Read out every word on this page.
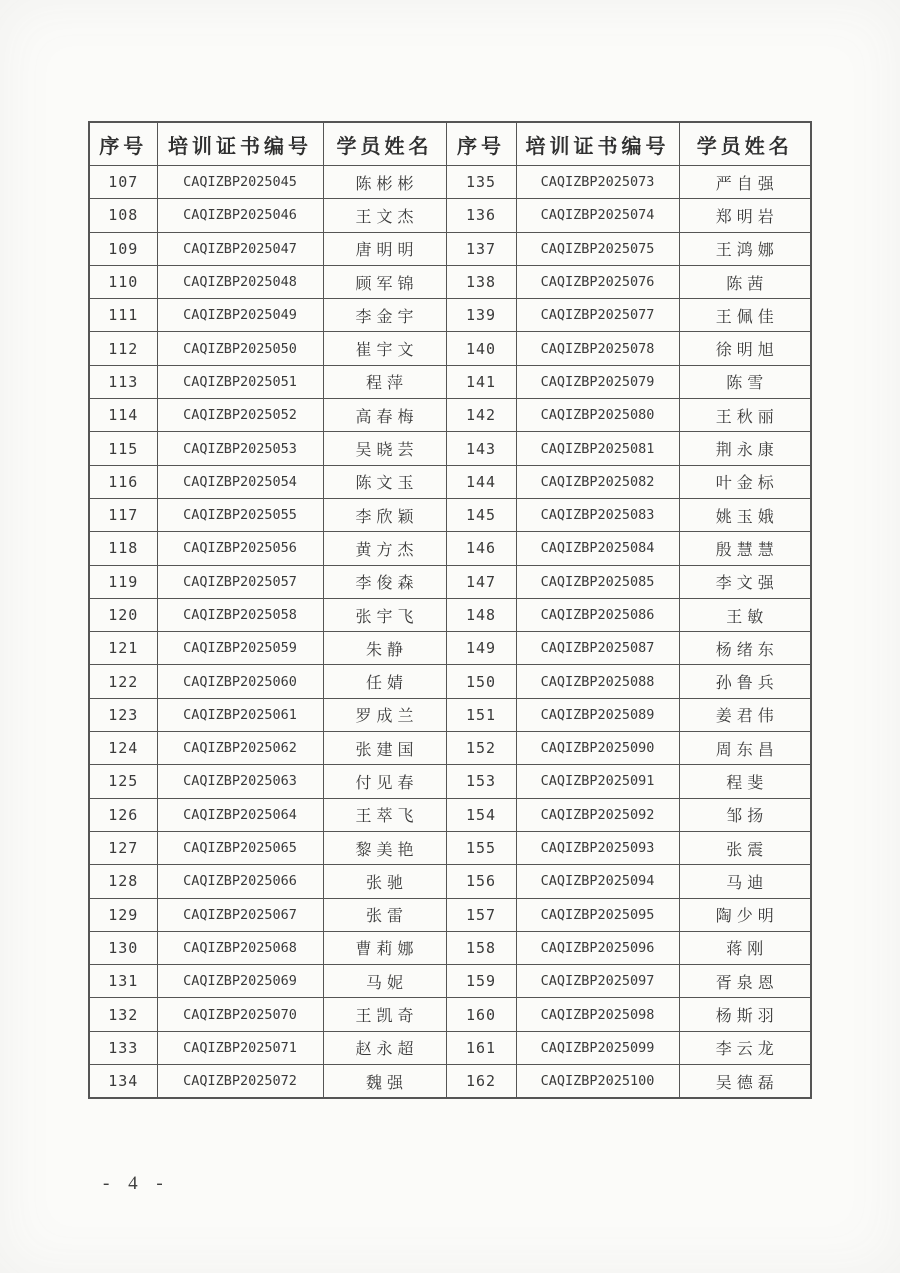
序号	培训证书编号	学员姓名	序号	培训证书编号	学员姓名
107	CAQIZBP2025045	陈彬彬	135	CAQIZBP2025073	严自强
108	CAQIZBP2025046	王文杰	136	CAQIZBP2025074	郑明岩
109	CAQIZBP2025047	唐明明	137	CAQIZBP2025075	王鸿娜
110	CAQIZBP2025048	顾军锦	138	CAQIZBP2025076	陈茜
111	CAQIZBP2025049	李金宇	139	CAQIZBP2025077	王佩佳
112	CAQIZBP2025050	崔宇文	140	CAQIZBP2025078	徐明旭
113	CAQIZBP2025051	程萍	141	CAQIZBP2025079	陈雪
114	CAQIZBP2025052	高春梅	142	CAQIZBP2025080	王秋丽
115	CAQIZBP2025053	吴晓芸	143	CAQIZBP2025081	荆永康
116	CAQIZBP2025054	陈文玉	144	CAQIZBP2025082	叶金标
117	CAQIZBP2025055	李欣颖	145	CAQIZBP2025083	姚玉娥
118	CAQIZBP2025056	黄方杰	146	CAQIZBP2025084	殷慧慧
119	CAQIZBP2025057	李俊森	147	CAQIZBP2025085	李文强
120	CAQIZBP2025058	张宇飞	148	CAQIZBP2025086	王敏
121	CAQIZBP2025059	朱静	149	CAQIZBP2025087	杨绪东
122	CAQIZBP2025060	任婧	150	CAQIZBP2025088	孙鲁兵
123	CAQIZBP2025061	罗成兰	151	CAQIZBP2025089	姜君伟
124	CAQIZBP2025062	张建国	152	CAQIZBP2025090	周东昌
125	CAQIZBP2025063	付见春	153	CAQIZBP2025091	程斐
126	CAQIZBP2025064	王萃飞	154	CAQIZBP2025092	邹扬
127	CAQIZBP2025065	黎美艳	155	CAQIZBP2025093	张震
128	CAQIZBP2025066	张驰	156	CAQIZBP2025094	马迪
129	CAQIZBP2025067	张雷	157	CAQIZBP2025095	陶少明
130	CAQIZBP2025068	曹莉娜	158	CAQIZBP2025096	蒋刚
131	CAQIZBP2025069	马妮	159	CAQIZBP2025097	胥泉恩
132	CAQIZBP2025070	王凯奇	160	CAQIZBP2025098	杨斯羽
133	CAQIZBP2025071	赵永超	161	CAQIZBP2025099	李云龙
134	CAQIZBP2025072	魏强	162	CAQIZBP2025100	吴德磊
- 4 -
